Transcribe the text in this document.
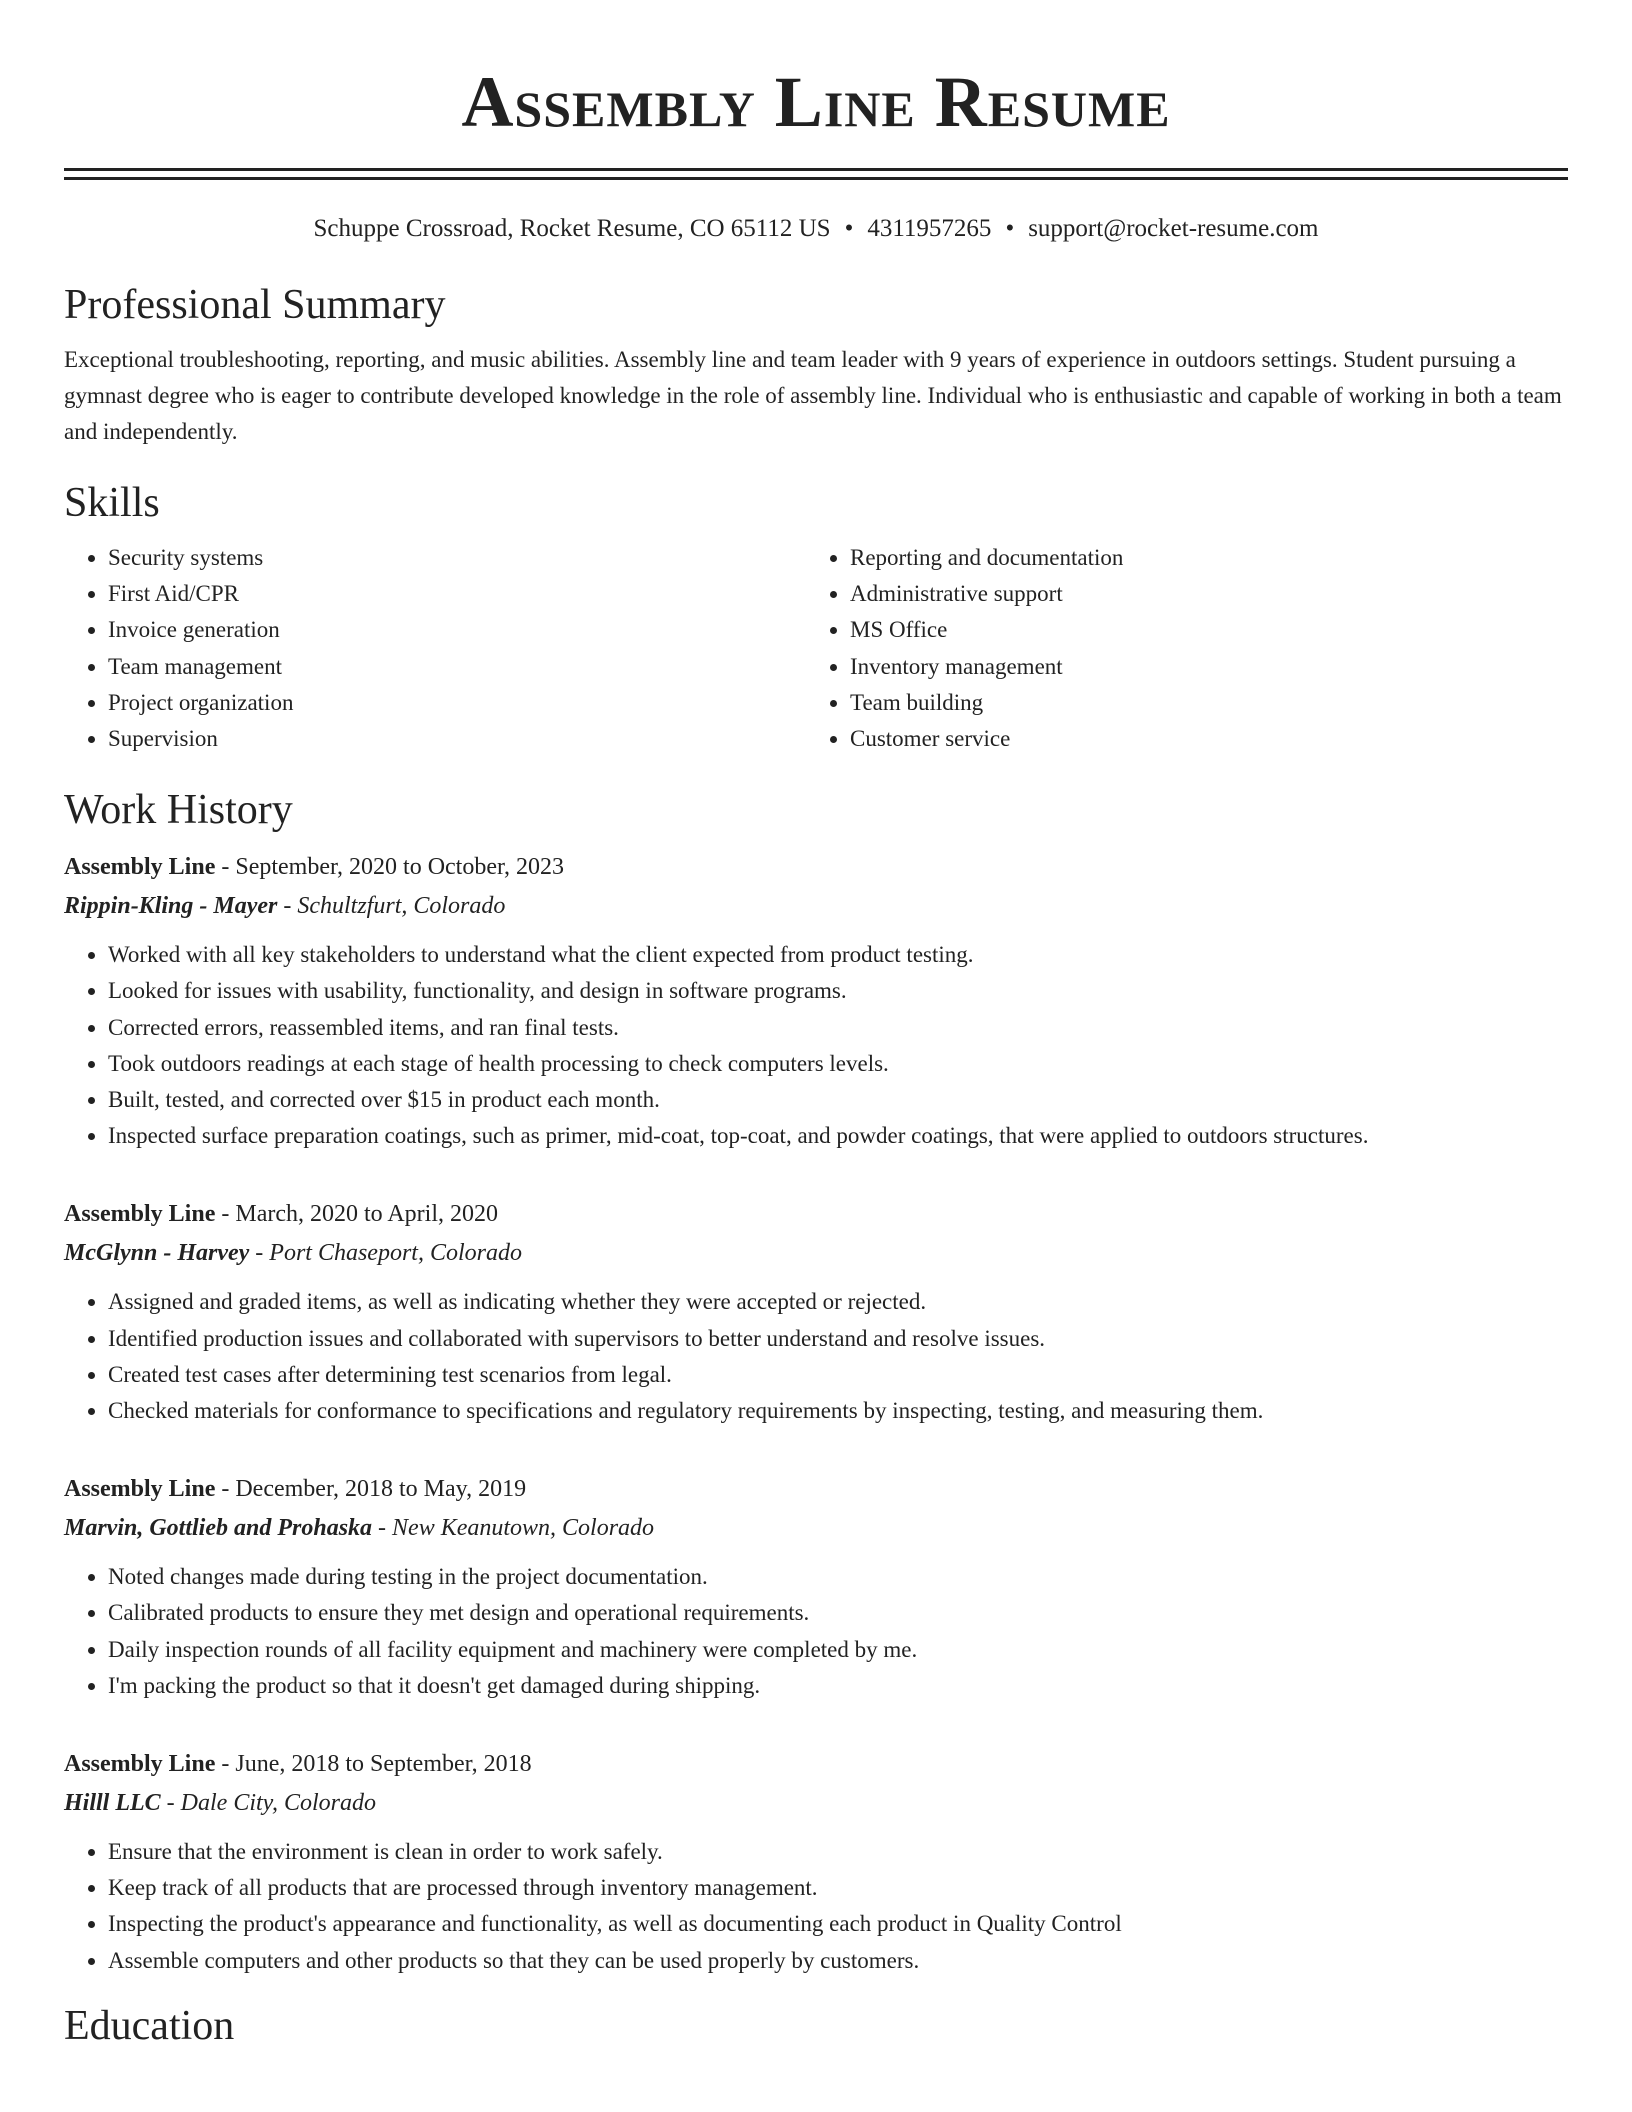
Assembly Line Resume
Schuppe Crossroad, Rocket Resume, CO 65112 US • 4311957265 • support@rocket-resume.com
Professional Summary
Exceptional troubleshooting, reporting, and music abilities. Assembly line and team leader with 9 years of experience in outdoors settings. Student pursuing a gymnast degree who is eager to contribute developed knowledge in the role of assembly line. Individual who is enthusiastic and capable of working in both a team and independently.
Skills
• Security systems
• First Aid/CPR
• Invoice generation
• Team management
• Project organization
• Supervision
• Reporting and documentation
• Administrative support
• MS Office
• Inventory management
• Team building
• Customer service
Work History
Assembly Line - September, 2020 to October, 2023
Rippin-Kling - Mayer - Schultzfurt, Colorado
• Worked with all key stakeholders to understand what the client expected from product testing.
• Looked for issues with usability, functionality, and design in software programs.
• Corrected errors, reassembled items, and ran final tests.
• Took outdoors readings at each stage of health processing to check computers levels.
• Built, tested, and corrected over $15 in product each month.
• Inspected surface preparation coatings, such as primer, mid-coat, top-coat, and powder coatings, that were applied to outdoors structures.
Assembly Line - March, 2020 to April, 2020
McGlynn - Harvey - Port Chaseport, Colorado
• Assigned and graded items, as well as indicating whether they were accepted or rejected.
• Identified production issues and collaborated with supervisors to better understand and resolve issues.
• Created test cases after determining test scenarios from legal.
• Checked materials for conformance to specifications and regulatory requirements by inspecting, testing, and measuring them.
Assembly Line - December, 2018 to May, 2019
Marvin, Gottlieb and Prohaska - New Keanutown, Colorado
• Noted changes made during testing in the project documentation.
• Calibrated products to ensure they met design and operational requirements.
• Daily inspection rounds of all facility equipment and machinery were completed by me.
• I'm packing the product so that it doesn't get damaged during shipping.
Assembly Line - June, 2018 to September, 2018
Hilll LLC - Dale City, Colorado
• Ensure that the environment is clean in order to work safely.
• Keep track of all products that are processed through inventory management.
• Inspecting the product's appearance and functionality, as well as documenting each product in Quality Control
• Assemble computers and other products so that they can be used properly by customers.
Education
